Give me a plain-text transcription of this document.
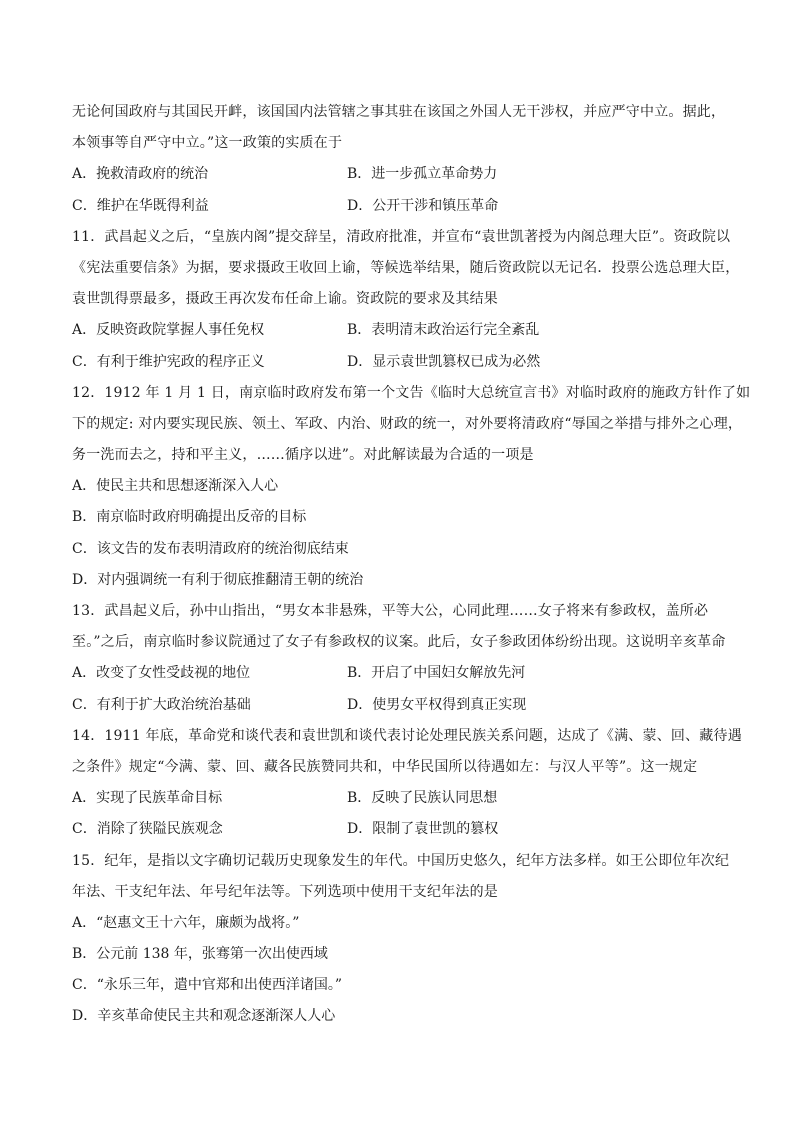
无论何国政府与其国民开衅，该国国内法管辖之事其驻在该国之外国人无干涉权，并应严守中立。据此，
本领事等自严守中立。”这一政策的实质在于
A．挽救清政府的统治	B．进一步孤立革命势力
C．维护在华既得利益	D．公开干涉和镇压革命
11．武昌起义之后，“皇族内阁”提交辞呈，清政府批准，并宣布“袁世凯著授为内阁总理大臣”。资政院以
《宪法重要信条》为据，要求摄政王收回上谕，等候选举结果，随后资政院以无记名．投票公选总理大臣，
袁世凯得票最多，摄政王再次发布任命上谕。资政院的要求及其结果
A．反映资政院掌握人事任免权	B．表明清末政治运行完全紊乱
C．有利于维护宪政的程序正义	D．显示袁世凯篡权已成为必然
12．1912 年 1 月 1 日，南京临时政府发布第一个文告《临时大总统宣言书》对临时政府的施政方针作了如
下的规定: 对内要实现民族、领土、军政、内治、财政的统一，对外要将清政府“辱国之举措与排外之心理，
务一洗而去之，持和平主义，……循序以进”。对此解读最为合适的一项是
A．使民主共和思想逐渐深入人心
B．南京临时政府明确提出反帝的目标
C．该文告的发布表明清政府的统治彻底结束
D．对内强调统一有利于彻底推翻清王朝的统治
13．武昌起义后，孙中山指出，“男女本非悬殊，平等大公，心同此理……女子将来有参政权，盖所必
至。”之后，南京临时参议院通过了女子有参政权的议案。此后，女子参政团体纷纷出现。这说明辛亥革命
A．改变了女性受歧视的地位	B．开启了中国妇女解放先河
C．有利于扩大政治统治基础	D．使男女平权得到真正实现
14．1911 年底，革命党和谈代表和袁世凯和谈代表讨论处理民族关系问题，达成了《满、蒙、回、藏待遇
之条件》规定“今满、蒙、回、藏各民族赞同共和，中华民国所以待遇如左：与汉人平等”。这一规定
A．实现了民族革命目标	B．反映了民族认同思想
C．消除了狭隘民族观念	D．限制了袁世凯的篡权
15．纪年，是指以文字确切记载历史现象发生的年代。中国历史悠久，纪年方法多样。如王公即位年次纪
年法、干支纪年法、年号纪年法等。下列选项中使用干支纪年法的是
A．“赵惠文王十六年，廉颇为战将。”
B．公元前 138 年，张骞第一次出使西域
C．“永乐三年，遣中官郑和出使西洋诸国。”
D．辛亥革命使民主共和观念逐渐深人人心
